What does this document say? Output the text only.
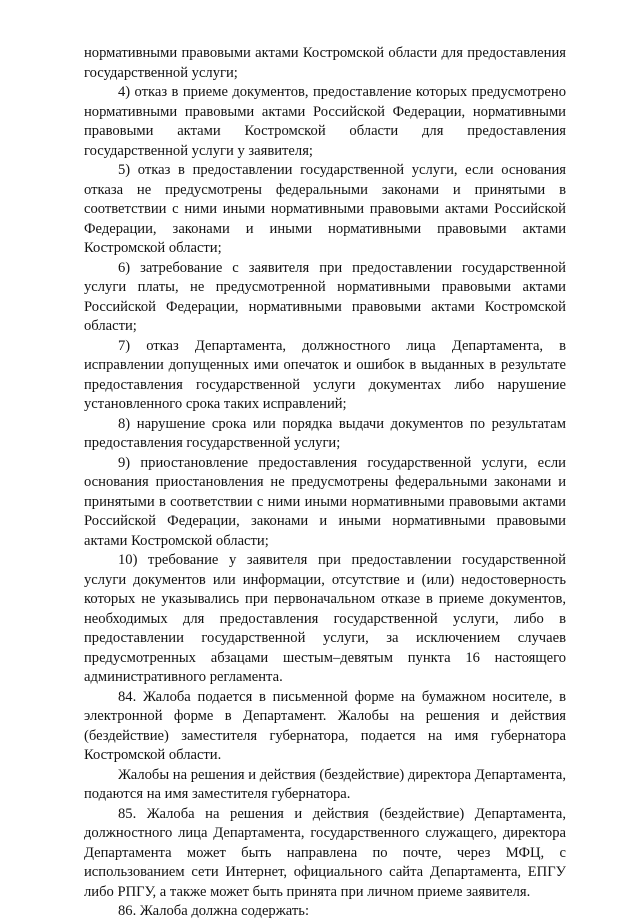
нормативными правовыми актами Костромской области для предоставления государственной услуги;

4) отказ в приеме документов, предоставление которых предусмотрено нормативными правовыми актами Российской Федерации, нормативными правовыми актами Костромской области для предоставления государственной услуги у заявителя;

5) отказ в предоставлении государственной услуги, если основания отказа не предусмотрены федеральными законами и принятыми в соответствии с ними иными нормативными правовыми актами Российской Федерации, законами и иными нормативными правовыми актами Костромской области;

6) затребование с заявителя при предоставлении государственной услуги платы, не предусмотренной нормативными правовыми актами Российской Федерации, нормативными правовыми актами Костромской области;

7) отказ Департамента, должностного лица Департамента, в исправлении допущенных ими опечаток и ошибок в выданных в результате предоставления государственной услуги документах либо нарушение установленного срока таких исправлений;

8) нарушение срока или порядка выдачи документов по результатам предоставления государственной услуги;

9) приостановление предоставления государственной услуги, если основания приостановления не предусмотрены федеральными законами и принятыми в соответствии с ними иными нормативными правовыми актами Российской Федерации, законами и иными нормативными правовыми актами Костромской области;

10) требование у заявителя при предоставлении государственной услуги документов или информации, отсутствие и (или) недостоверность которых не указывались при первоначальном отказе в приеме документов, необходимых для предоставления государственной услуги, либо в предоставлении государственной услуги, за исключением случаев предусмотренных абзацами шестым–девятым пункта 16 настоящего административного регламента.

84. Жалоба подается в письменной форме на бумажном носителе, в электронной форме в Департамент. Жалобы на решения и действия (бездействие) заместителя губернатора, подается на имя губернатора Костромской области.

Жалобы на решения и действия (бездействие) директора Департамента, подаются на имя заместителя губернатора.

85. Жалоба на решения и действия (бездействие) Департамента, должностного лица Департамента, государственного служащего, директора Департамента может быть направлена по почте, через МФЦ, с использованием сети Интернет, официального сайта Департамента, ЕПГУ либо РПГУ, а также может быть принята при личном приеме заявителя.

86. Жалоба должна содержать:
